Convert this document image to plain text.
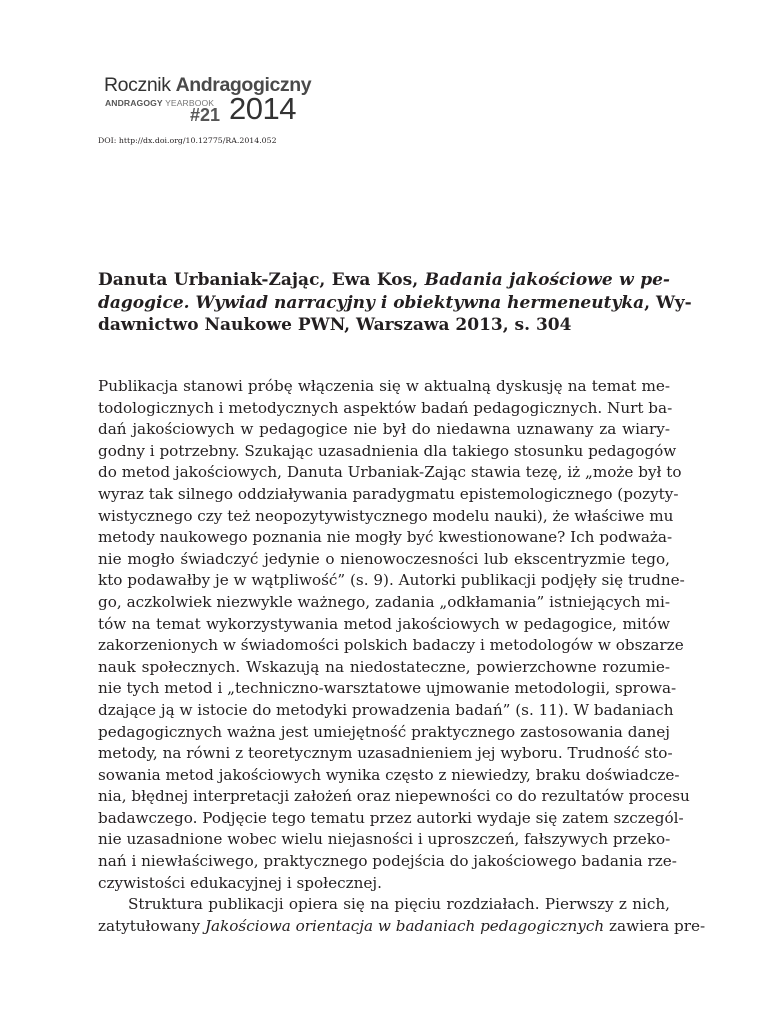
Rocznik Andragogiczny
ANDRAGOGY YEARBOOK
#21 2014
DOI: http://dx.doi.org/10.12775/RA.2014.052
Danuta Urbaniak-Zając, Ewa Kos, Badania jakościowe w pe-
dagogice. Wywiad narracyjny i obiektywna hermeneutyka, Wy-
dawnictwo Naukowe PWN, Warszawa 2013, s. 304
Publikacja stanowi próbę włączenia się w aktualną dyskusję na temat me-
todologicznych i metodycznych aspektów badań pedagogicznych. Nurt ba-
dań jakościowych w pedagogice nie był do niedawna uznawany za wiary-
godny i potrzebny. Szukając uzasadnienia dla takiego stosunku pedagogów
do metod jakościowych, Danuta Urbaniak-Zając stawia tezę, iż „może był to
wyraz tak silnego oddziaływania paradygmatu epistemologicznego (pozyty-
wistycznego czy też neopozytywistycznego modelu nauki), że właściwe mu
metody naukowego poznania nie mogły być kwestionowane? Ich podważa-
nie mogło świadczyć jedynie o nienowoczesności lub ekscentryzmie tego,
kto podawałby je w wątpliwość” (s. 9). Autorki publikacji podjęły się trudne-
go, aczkolwiek niezwykle ważnego, zadania „odkłamania” istniejących mi-
tów na temat wykorzystywania metod jakościowych w pedagogice, mitów
zakorzenionych w świadomości polskich badaczy i metodologów w obszarze
nauk społecznych. Wskazują na niedostateczne, powierzchowne rozumie-
nie tych metod i „techniczno-warsztatowe ujmowanie metodologii, sprowa-
dzające ją w istocie do metodyki prowadzenia badań” (s. 11). W badaniach
pedagogicznych ważna jest umiejętność praktycznego zastosowania danej
metody, na równi z teoretycznym uzasadnieniem jej wyboru. Trudność sto-
sowania metod jakościowych wynika często z niewiedzy, braku doświadcze-
nia, błędnej interpretacji założeń oraz niepewności co do rezultatów procesu
badawczego. Podjęcie tego tematu przez autorki wydaje się zatem szczegól-
nie uzasadnione wobec wielu niejasności i uproszczeń, fałszywych przeko-
nań i niewłaściwego, praktycznego podejścia do jakościowego badania rze-
czywistości edukacyjnej i społecznej.
Struktura publikacji opiera się na pięciu rozdziałach. Pierwszy z nich,
zatytułowany Jakościowa orientacja w badaniach pedagogicznych zawiera pre-
